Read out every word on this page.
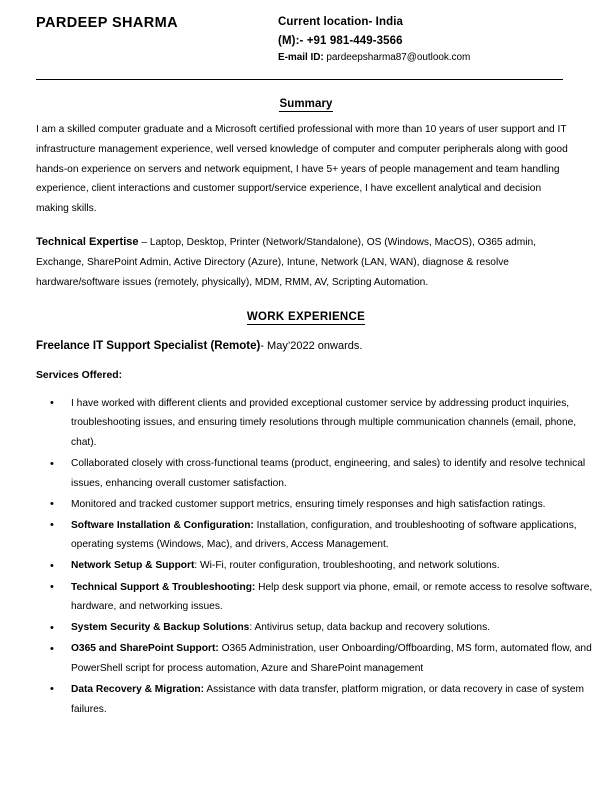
PARDEEP SHARMA	Current location- India
(M):- +91 981-449-3566
E-mail ID: pardeepsharma87@outlook.com
Summary

I am a skilled computer graduate and a Microsoft certified professional with more than 10 years of user support and IT infrastructure management experience, well versed knowledge of computer and computer peripherals along with good hands-on experience on servers and network equipment, I have 5+ years of people management and team handling experience, client interactions and customer support/service experience, I have excellent analytical and decision making skills.

Technical Expertise – Laptop, Desktop, Printer (Network/Standalone), OS (Windows, MacOS), O365 admin, Exchange, SharePoint Admin, Active Directory (Azure), Intune, Network (LAN, WAN), diagnose & resolve hardware/software issues (remotely, physically), MDM, RMM, AV, Scripting Automation.

WORK EXPERIENCE
Freelance IT Support Specialist (Remote)- May’2022 onwards.
Services Offered:
• I have worked with different clients and provided exceptional customer service by addressing product inquiries, troubleshooting issues, and ensuring timely resolutions through multiple communication channels (email, phone, chat).
• Collaborated closely with cross-functional teams (product, engineering, and sales) to identify and resolve technical issues, enhancing overall customer satisfaction.
• Monitored and tracked customer support metrics, ensuring timely responses and high satisfaction ratings.
• Software Installation & Configuration: Installation, configuration, and troubleshooting of software applications, operating systems (Windows, Mac), and drivers, Access Management.
• Network Setup & Support: Wi-Fi, router configuration, troubleshooting, and network solutions.
• Technical Support & Troubleshooting: Help desk support via phone, email, or remote access to resolve software, hardware, and networking issues.
• System Security & Backup Solutions: Antivirus setup, data backup and recovery solutions.
• O365 and SharePoint Support: O365 Administration, user Onboarding/Offboarding, MS form, automated flow, and PowerShell script for process automation, Azure and SharePoint management
• Data Recovery & Migration: Assistance with data transfer, platform migration, or data recovery in case of system failures.
